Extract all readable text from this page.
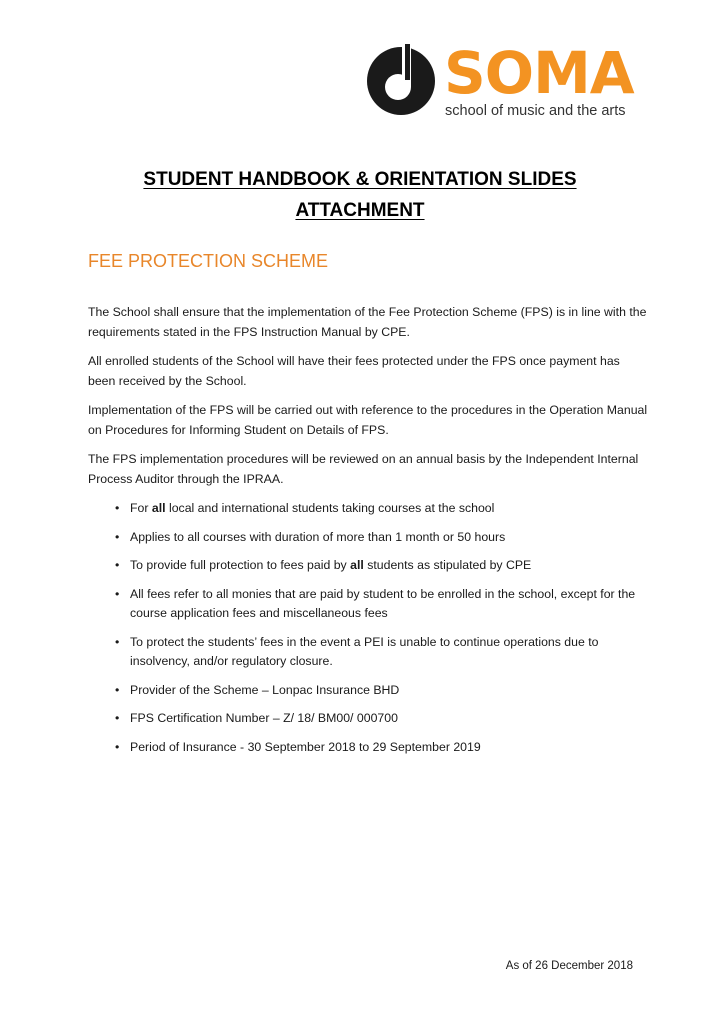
SOMA
school of music and the arts
STUDENT HANDBOOK & ORIENTATION SLIDES
ATTACHMENT
FEE PROTECTION SCHEME

The School shall ensure that the implementation of the Fee Protection Scheme (FPS) is in line with the requirements stated in the FPS Instruction Manual by CPE.

All enrolled students of the School will have their fees protected under the FPS once payment has been received by the School.

Implementation of the FPS will be carried out with reference to the procedures in the Operation Manual on Procedures for Informing Student on Details of FPS.

The FPS implementation procedures will be reviewed on an annual basis by the Independent Internal Process Auditor through the IPRAA.

• For all local and international students taking courses at the school
• Applies to all courses with duration of more than 1 month or 50 hours
• To provide full protection to fees paid by all students as stipulated by CPE
• All fees refer to all monies that are paid by student to be enrolled in the school, except for the course application fees and miscellaneous fees
• To protect the students’ fees in the event a PEI is unable to continue operations due to insolvency, and/or regulatory closure.
• Provider of the Scheme – Lonpac Insurance BHD
• FPS Certification Number – Z/ 18/ BM00/ 000700
• Period of Insurance - 30 September 2018 to 29 September 2019
As of 26 December 2018
